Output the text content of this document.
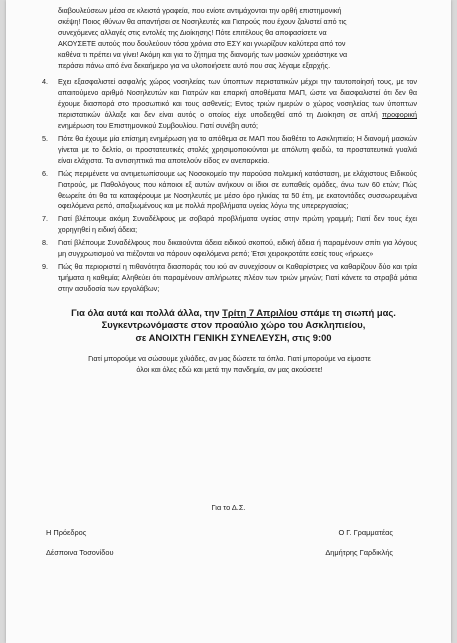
διαβουλεύσεων μέσα σε κλειστά γραφεία, που ενίοτε αντιμάχονται την ορθή επιστημονική

σκέψη! Ποιος ιθύνων θα απαντήσει σε Νοσηλευτές και Γιατρούς που έχουν ζαλιστεί από τις

συνεχόμενες αλλαγές στις εντολές της Διοίκησης! Πότε επιτέλους θα αποφασίσετε να

ΑΚΟΥΣΕΤΕ αυτούς που δουλεύουν τόσα χρόνια στο ΕΣΥ και γνωρίζουν καλύτερα από τον

καθένα τι πρέπει να γίνει! Ακόμη και για το ζήτημα της διανομής των μασκών χρειάστηκε να

περάσει πάνω από ένα δεκαήμερο για να υλοποιήσετε αυτό που σας λέγαμε εξαρχής.

4.	Εχει εξασφαλιστεί ασφαλής χώρος νοσηλείας των ύποπτων περιστατικών μέχρι την ταυτοποίησή τους, με τον απαιτούμενο αριθμό Νοσηλευτών και Γιατρών και επαρκή αποθέματα ΜΑΠ, ώστε να διασφαλιστεί ότι δεν θα έχουμε διασπορά στο προσωπικό και τους ασθενείς; Εντος τριών ημερών ο χώρος νοσηλείας των ύποπτων περιστατικών άλλαξε και δεν είναι αυτός ο οποίος είχε υποδειχθεί από τη Διοίκηση σε απλή προφορική ενημέρωση του Επιστημονικού Συμβουλίου. Γιατί συνέβη αυτό;
5.	Πότε θα έχουμε μία επίσημη ενημέρωση για το απόθεμα σε ΜΑΠ που διαθέτει το Ασκληπιείο; Η διανομή μασκών γίνεται με το δελτίο, οι προστατευτικές στολές χρησιμοποιούνται με απόλυτη φειδώ, τα προστατευτικά γυαλιά είναι ελάχιστα. Τα αντισηπτικά πια αποτελούν είδος εν ανεπαρκεία.
6.	Πώς περιμένετε να αντιμετωπίσουμε ως Νοσοκομείο την παρούσα πολεμική κατάσταση, με ελάχιστους Ειδικούς Γιατρούς, με Παθολόγους που κάποιοι εξ αυτών ανήκουν οι ίδιοι σε ευπαθείς ομάδες, άνω των 60 ετών; Πώς θεωρείτε ότι θα τα καταφέρουμε με Νοσηλευτές με μέσο όρο ηλικίας τα 50 έτη, με εκατοντάδες συσσωρευμένα οφειλόμενα ρεπό, απαξιωμένους και με πολλά προβλήματα υγείας λόγω της υπερεργασίας;
7.	Γιατί βλέπουμε ακόμη Συναδέλφους με σοβαρά προβλήματα υγείας στην πρώτη γραμμή; Γιατί δεν τους έχει χορηγηθεί η ειδική άδεια;
8.	Γιατί βλέπουμε Συναδέλφους που δικαιούνται άδεια ειδικού σκοπού, ειδική άδεια ή παραμένουν σπίτι για λόγους μη συγχρωτισμού να πιέζονται να πάρουν οφειλόμενα ρεπό; Έτσι χειροκροτάτε εσείς τους «ήρωες»
9.	Πώς θα περιοριστεί η πιθανότητα διασποράς του ιού αν συνεχίσουν οι Καθαρίστριες να καθαρίζουν δύο και τρία τμήματα η καθεμία; Αληθεύει ότι παραμένουν απλήρωτες πλέον των τριών μηνών; Γιατί κάνετε τα στραβά μάτια στην ασυδοσία των εργολάβων;
Για όλα αυτά και πολλά άλλα, την Τρίτη 7 Απριλίου σπάμε τη σιωπή μας.
Συγκεντρωνόμαστε στον προαύλιο χώρο του Ασκληπιείου,
σε ΑΝΟΙΧΤΗ ΓΕΝΙΚΗ ΣΥΝΕΛΕΥΣΗ, στις 9:00
Γιατί μπορούμε να σώσουμε χιλιάδες, αν μας δώσετε τα όπλα. Γιατί μπορούμε να είμαστε
όλοι και όλες εδώ και μετά την πανδημία, αν μας ακούσετε!
Για το Δ.Σ.
Η Πρόεδρος
Δέσποινα Τοσονίδου
Ο Γ. Γραμματέας
Δημήτρης Γαρδικλής
